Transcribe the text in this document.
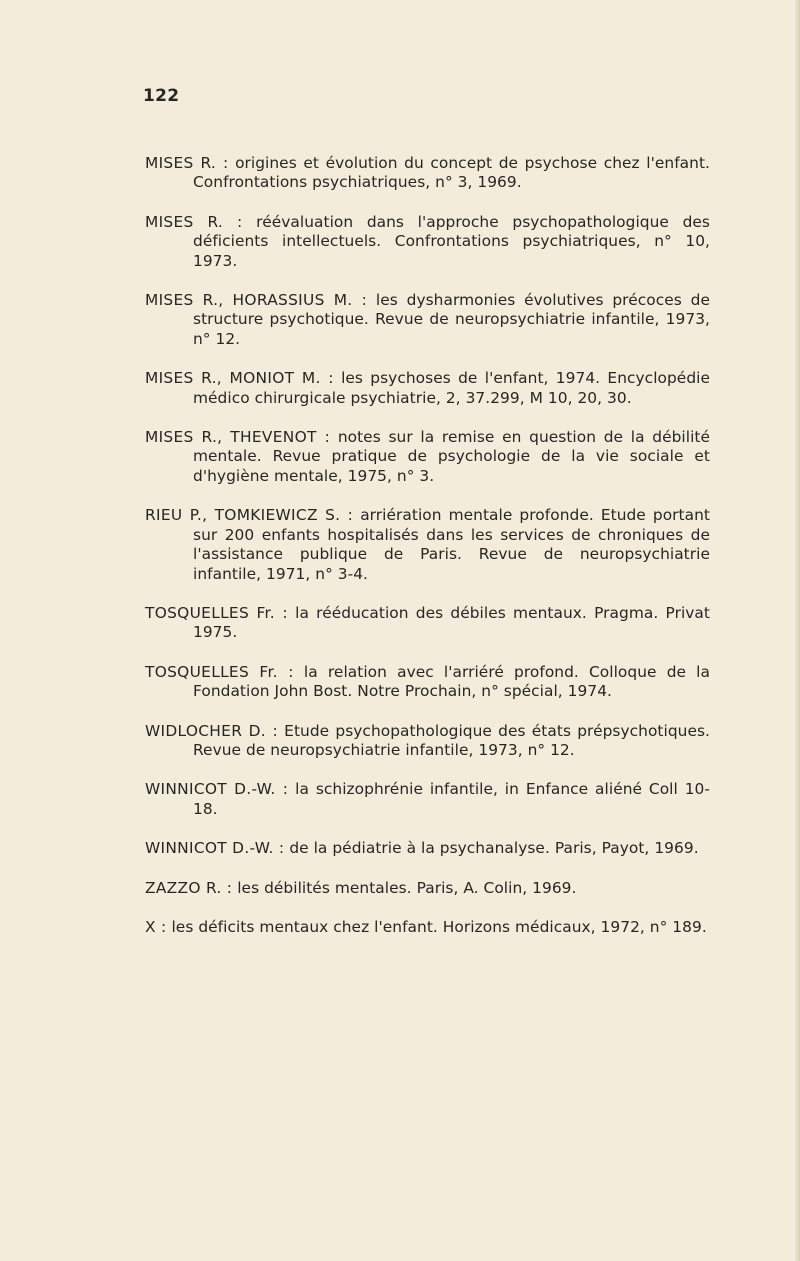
122

MISES R. : origines et évolution du concept de psychose chez l'enfant. Confrontations psychiatriques, n° 3, 1969.

MISES R. : réévaluation dans l'approche psychopathologique des déficients intellectuels. Confrontations psychiatriques, n° 10, 1973.

MISES R., HORASSIUS M. : les dysharmonies évolutives précoces de structure psychotique. Revue de neuropsychiatrie infantile, 1973, n° 12.

MISES R., MONIOT M. : les psychoses de l'enfant, 1974. Encyclopédie médico chirurgicale psychiatrie, 2, 37.299, M 10, 20, 30.

MISES R., THEVENOT : notes sur la remise en question de la débilité mentale. Revue pratique de psychologie de la vie sociale et d'hygiène mentale, 1975, n° 3.

RIEU P., TOMKIEWICZ S. : arriération mentale profonde. Etude portant sur 200 enfants hospitalisés dans les services de chroniques de l'assistance publique de Paris. Revue de neuropsychiatrie infantile, 1971, n° 3-4.

TOSQUELLES Fr. : la rééducation des débiles mentaux. Pragma. Privat 1975.

TOSQUELLES Fr. : la relation avec l'arriéré profond. Colloque de la Fondation John Bost. Notre Prochain, n° spécial, 1974.

WIDLOCHER D. : Etude psychopathologique des états prépsychotiques. Revue de neuropsychiatrie infantile, 1973, n° 12.

WINNICOT D.-W. : la schizophrénie infantile, in Enfance aliéné Coll 10-18.

WINNICOT D.-W. : de la pédiatrie à la psychanalyse. Paris, Payot, 1969.

ZAZZO R. : les débilités mentales. Paris, A. Colin, 1969.

X : les déficits mentaux chez l'enfant. Horizons médicaux, 1972, n° 189.
